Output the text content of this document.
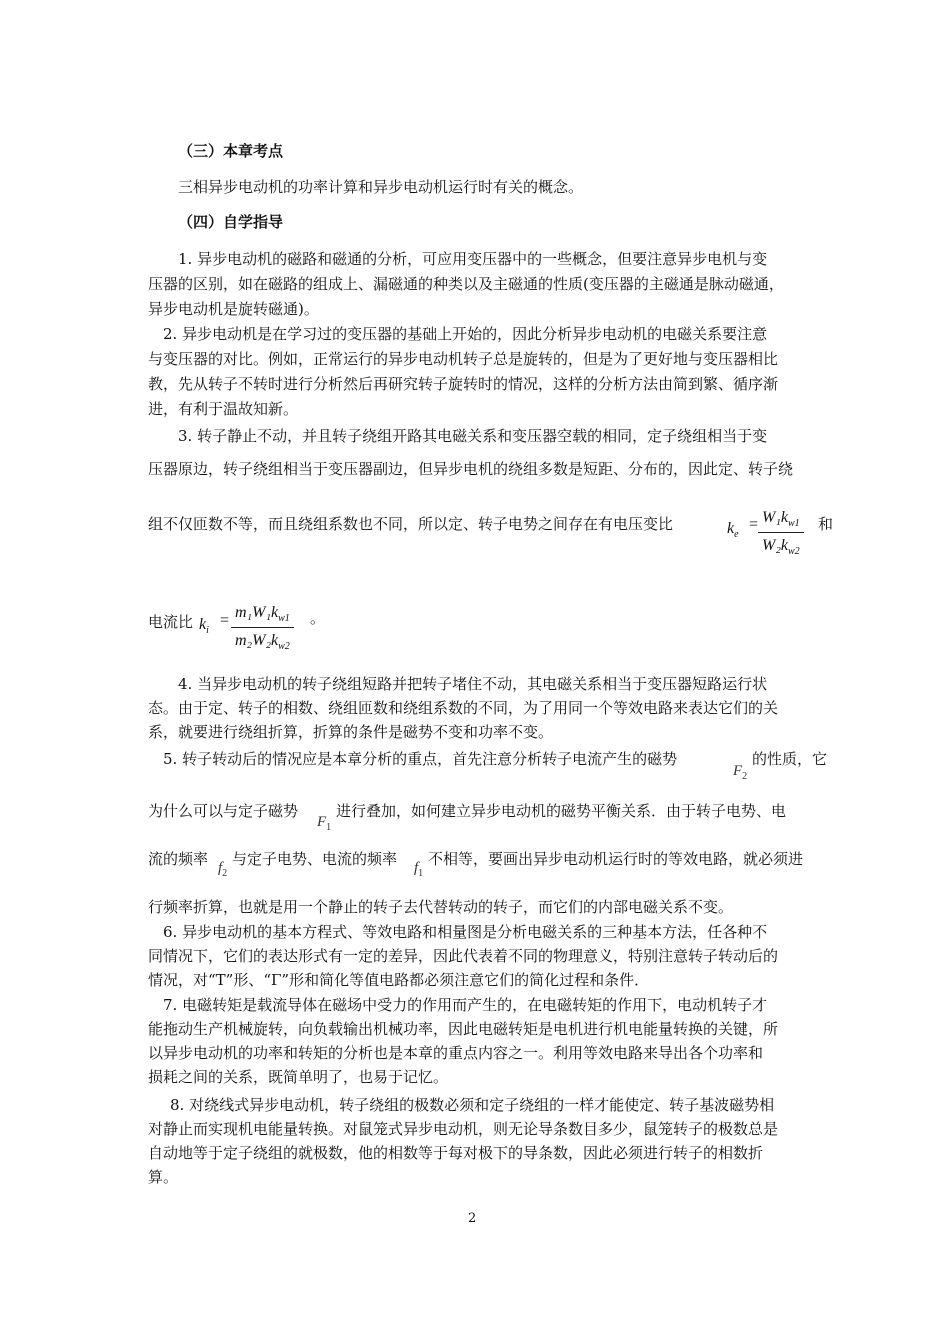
（三）本章考点
三相异步电动机的功率计算和异步电动机运行时有关的概念。
（四）自学指导
1. 异步电动机的磁路和磁通的分析，可应用变压器中的一些概念，但要注意异步电机与变
压器的区别，如在磁路的组成上、漏磁通的种类以及主磁通的性质(变压器的主磁通是脉动磁通，
异步电动机是旋转磁通)。
2. 异步电动机是在学习过的变压器的基础上开始的，因此分析异步电动机的电磁关系要注意
与变压器的对比。例如，正常运行的异步电动机转子总是旋转的，但是为了更好地与变压器相比
教，先从转子不转时进行分析然后再研究转子旋转时的情况，这样的分析方法由简到繁、循序渐
进，有利于温故知新。
3. 转子静止不动，并且转子绕组开路其电磁关系和变压器空载的相同，定子绕组相当于变
压器原边，转子绕组相当于变压器副边，但异步电机的绕组多数是短距、分布的，因此定、转子绕
组不仅匝数不等，而且绕组系数也不同，所以定、转子电势之间存在有电压变比	$k_e$
= $\frac{W_1k_{w1}}{W_2k_{w2}}$ 和
电流比 $k_i$
= $\frac{m_1W_1k_{w1}}{m_2W_2k_{w2}}$ 。
4. 当异步电动机的转子绕组短路并把转子堵住不动，其电磁关系相当于变压器短路运行状
态。由于定、转子的相数、绕组匝数和绕组系数的不同，为了用同一个等效电路来表达它们的关
系，就要进行绕组折算，折算的条件是磁势不变和功率不变。
5. 转子转动后的情况应是本章分析的重点，首先注意分析转子电流产生的磁势
$F_2$
的性质，它
为什么可以与定子磁势
$F_1$
进行叠加，如何建立异步电动机的磁势平衡关系．由于转子电势、电
流的频率 $f_2$
与定子电势、电流的频率 $f_1$
不相等，要画出异步电动机运行时的等效电路，就必须进
行频率折算，也就是用一个静止的转子去代替转动的转子，而它们的内部电磁关系不变。
6. 异步电动机的基本方程式、等效电路和相量图是分析电磁关系的三种基本方法，任各种不
同情况下，它们的表达形式有一定的差异，因此代表着不同的物理意义，特别注意转子转动后的
情况，对“T”形、“Γ”形和简化等值电路都必须注意它们的简化过程和条件．
7. 电磁转矩是载流导体在磁场中受力的作用而产生的，在电磁转矩的作用下，电动机转子才
能拖动生产机械旋转，向负载输出机械功率，因此电磁转矩是电机进行机电能量转换的关键，所
以异步电动机的功率和转矩的分析也是本章的重点内容之一。利用等效电路来导出各个功率和
损耗之间的关系，既简单明了，也易于记忆。
8. 对绕线式异步电动机，转子绕组的极数必须和定子绕组的一样才能使定、转子基波磁势相
对静止而实现机电能量转换。对鼠笼式异步电动机，则无论导条数目多少，鼠笼转子的极数总是
自动地等于定子绕组的就极数，他的相数等于每对极下的导条数，因此必须进行转子的相数折
算。
2
